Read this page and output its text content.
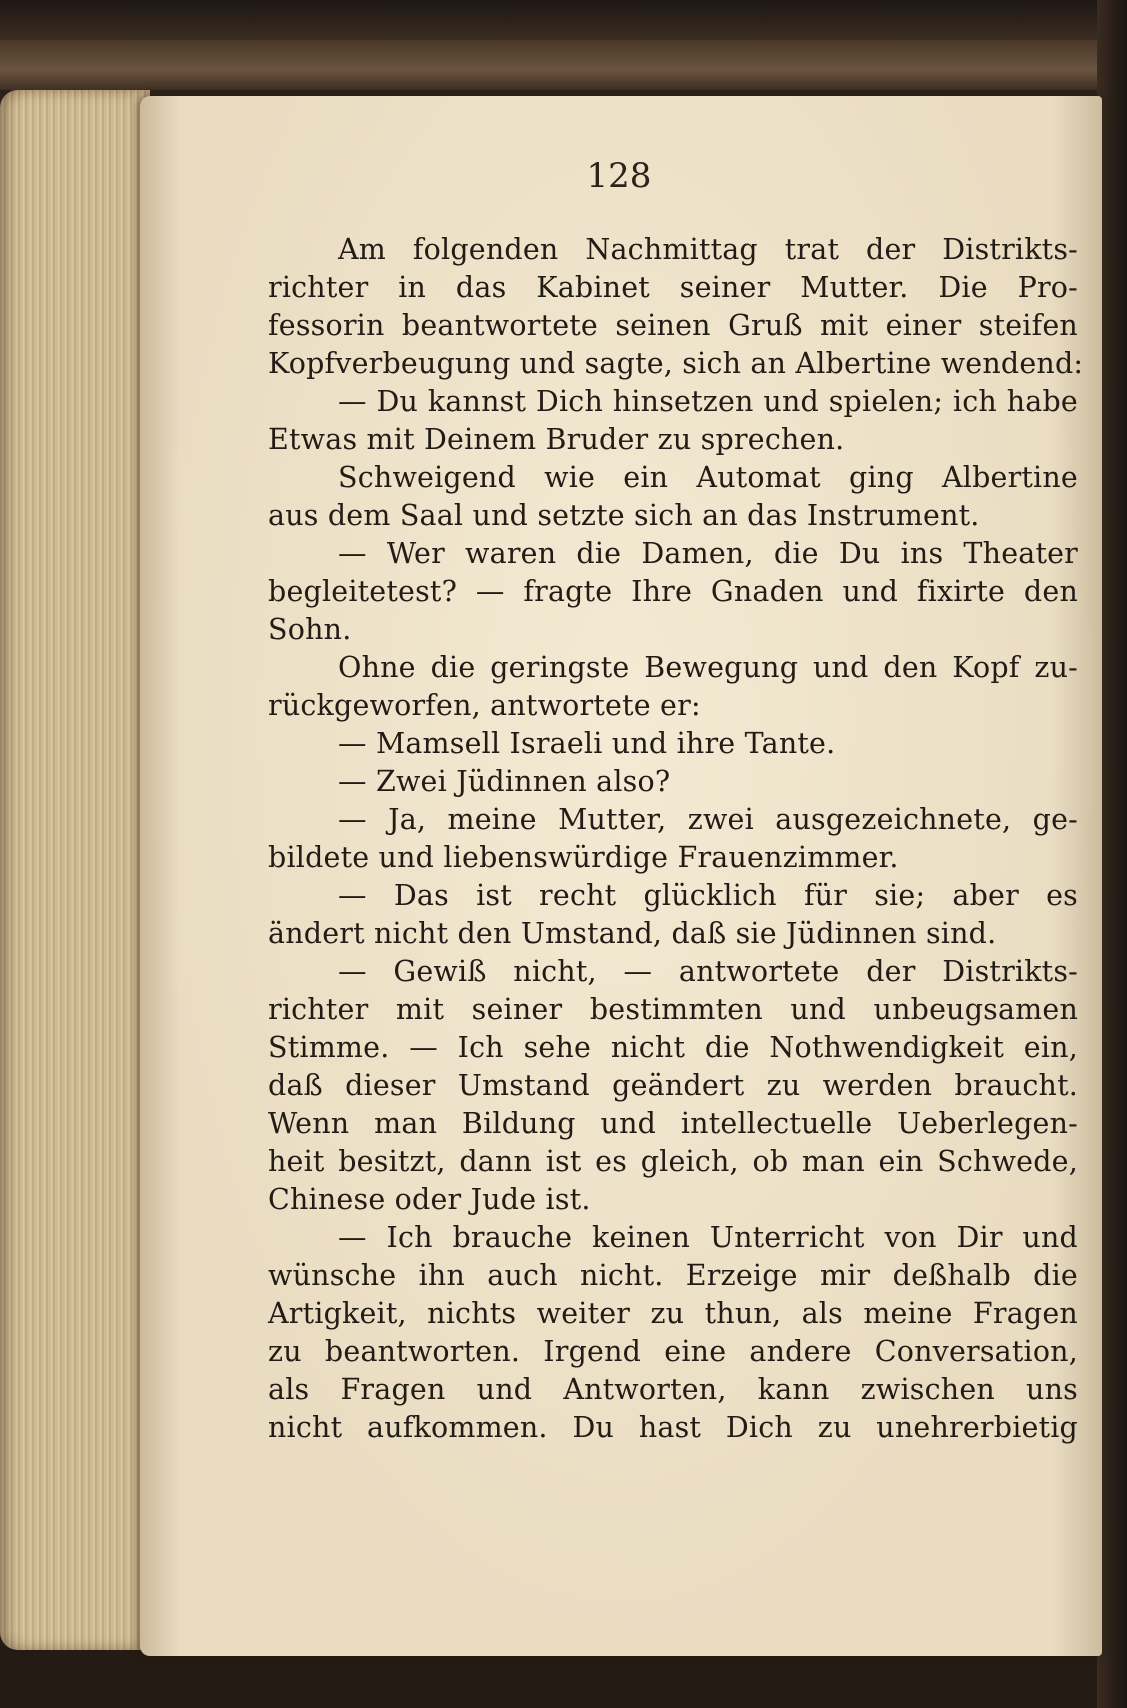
128
Am folgenden Nachmittag trat der Distrikts-
richter in das Kabinet seiner Mutter. Die Pro-
fessorin beantwortete seinen Gruß mit einer steifen
Kopfverbeugung und sagte, sich an Albertine wendend:
— Du kannst Dich hinsetzen und spielen; ich habe
Etwas mit Deinem Bruder zu sprechen.
Schweigend wie ein Automat ging Albertine
aus dem Saal und setzte sich an das Instrument.
— Wer waren die Damen, die Du ins Theater
begleitetest? — fragte Ihre Gnaden und fixirte den
Sohn.
Ohne die geringste Bewegung und den Kopf zu-
rückgeworfen, antwortete er:
— Mamsell Israeli und ihre Tante.
— Zwei Jüdinnen also?
— Ja, meine Mutter, zwei ausgezeichnete, ge-
bildete und liebenswürdige Frauenzimmer.
— Das ist recht glücklich für sie; aber es
ändert nicht den Umstand, daß sie Jüdinnen sind.
— Gewiß nicht, — antwortete der Distrikts-
richter mit seiner bestimmten und unbeugsamen
Stimme. — Ich sehe nicht die Nothwendigkeit ein,
daß dieser Umstand geändert zu werden braucht.
Wenn man Bildung und intellectuelle Ueberlegen-
heit besitzt, dann ist es gleich, ob man ein Schwede,
Chinese oder Jude ist.
— Ich brauche keinen Unterricht von Dir und
wünsche ihn auch nicht. Erzeige mir deßhalb die
Artigkeit, nichts weiter zu thun, als meine Fragen
zu beantworten. Irgend eine andere Conversation,
als Fragen und Antworten, kann zwischen uns
nicht aufkommen. Du hast Dich zu unehrerbietig
